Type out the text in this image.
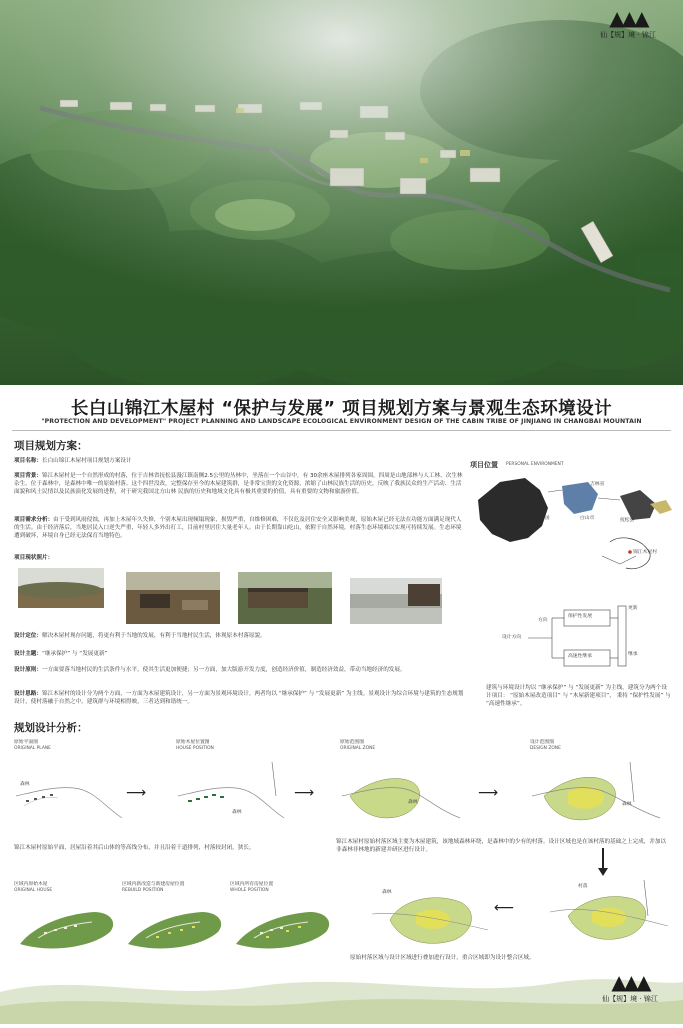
▲▲▲
仙【规】境 · 锦江
长白山锦江木屋村 “保护与发展” 项目规划方案与景观生态环境设计
"PROTECTION AND DEVELOPMENT" PROJECT PLANNING AND LANDSCAPE ECOLOGICAL ENVIRONMENT DESIGN OF THE CABIN TRIBE OF JINJIANG IN CHANGBAI MOUNTAIN
项目规划方案：
项目名称：长白山锦江木屋村项目规划方案设计
项目背景：锦江木屋村是一个自然形成的村落，位于吉林省抚松县漫江镇南侧2.5公里的丛林中，坐落在一个山谷中，有 30余座木屋排列各家周围，四周是山地部林与人工林、次生林杂生。位于森林中，是森林中唯一的原始村落。这个四世没改，完整保存至今的木屋建筑群，是非常宝贵的文化资源，浓缩了山林民族生活的历史，反映了我族民众的生产活动、生活面貌和风土民情以及民族演化发展的进程，对于研究我国北方山林 民族的历史和地域文化具有极其重要的价值，具有重要的文物和旅游价值。
项目需求分析：由于受到风雨侵蚀，再加上木屋年久失修，个别木屋出现倾塌现象，损毁严重，自维修困难，不仅危及居住安全又影响美观，原始木屋已经无法在功能方面满足现代人的生活。由于经济落后，当地居民入口逆失严重，年轻人多外出打工，目前村里居住大量老年人。由于长期靠山吃山，依附于自然环境，村落生态环境难以实现可持续发展。生态环境遭到破坏，环境自身已经无法保育当地特色。
项目现状照片：
设计定位：解决木屋村现存问题，将更有利于当地的发展，有利于当地村民生活，体现原本村落原貌。
设计主题：“继承保护” 与 “发展更新”
设计原则：一方面要落当地村民的生活条件与水平，使其生活更加便捷；另一方面，加大版游开发力度，创造经济价值，制造经济效益，带动当地经济的发展。
设计思路：锦江木屋村的设计分为两个方面，一方面为木屋建筑设计，另一方面为景观环境设计，两者均以 “继承保护” 与 “发展更新” 为主线。景观设计为综合环境与建筑的生态规划设计，使村落融于自然之中，建筑群与环境相得映，三者达到和谐统一。
项目位置 PERSONAL ENVIRONMENT
中国
吉林省
白山市	抚松县
锦江木屋村
设计方向
方向
保护性发展
高速性继承
更新
继承
建筑与环境设计均以 “继承保护” 与 “发展更新” 为主线，建筑分为两个设计项目： “原始木屋改造项目” 与 “木屋新建项目”， 秉持 “保护性发展” 与 “高速性继承”。
规划设计分析：
原始平面图
ORIGINAL PLANE
森林
⟶
原始木屋位置图
HOUSE POSITION
森林
⟶
原始范围图
ORIGINAL ZONE
森林
⟶
设计范围图
DESIGN ZONE
森林
锦江木屋村原始平面，居屋沿着其后山体的等高线分布，并且沿着干道排列，村落较封闭，狭长。
锦江木屋村原始村落区域主要为木屋建筑，该地域森林环绕，是森林中的少有的村落。设计区域也是在该村落的基础之上完成，并加以非森林非林地的新建并研区进行设计。
区域内原始木屋
ORIGINAL HOUSE
区域内新改造与新建房屋位置
REBUILD POSITION
区域内所有房屋位置
WHOLE POSITION	森林
⟵
村落
原始村落区域与设计区域进行叠加进行设计，重合区域即为设计整合区域。
▲▲▲
仙【规】境 · 锦江
